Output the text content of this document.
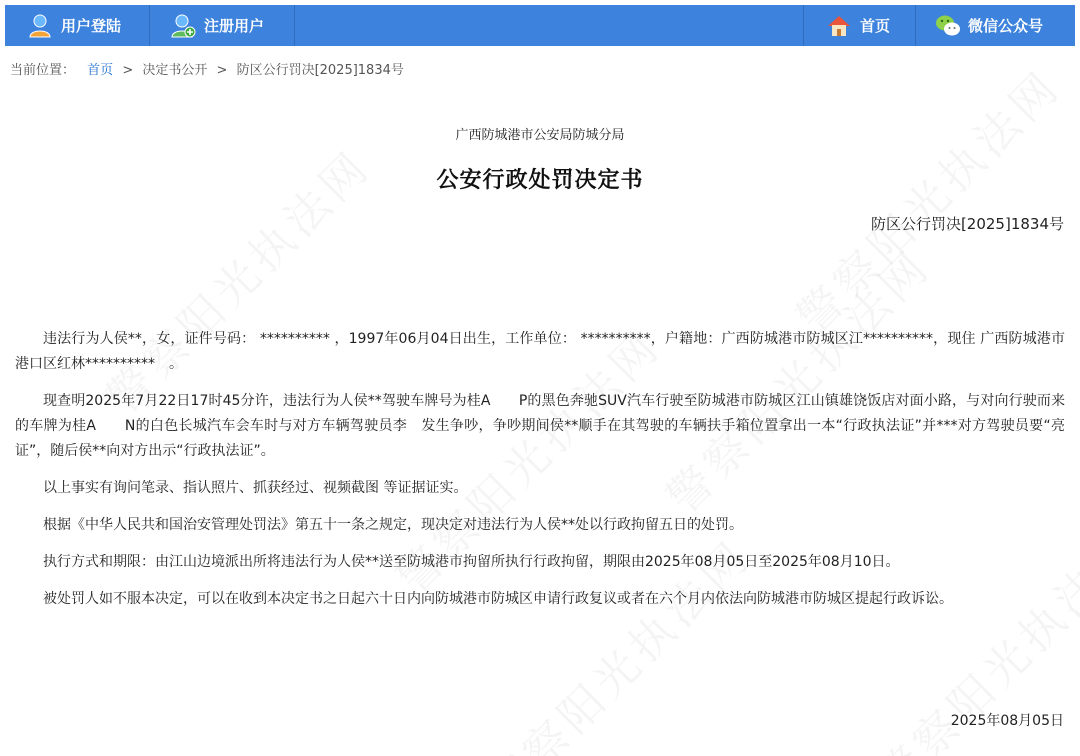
用户登陆	注册用户	首页	微信公众号
当前位置： 首页 > 决定书公开 > 防区公行罚决[2025]1834号
广西防城港市公安局防城分局
公安行政处罚决定书
防区公行罚决[2025]1834号

违法行为人侯**，女，证件号码： ********** ，1997年06月04日出生，工作单位： **********，户籍地：广西防城港市防城区江**********，现住 广西防城港市港口区红林**********　。

现查明2025年7月22日17时45分许，违法行为人侯**驾驶车牌号为桂A　　P的黑色奔驰SUV汽车行驶至防城港市防城区江山镇雄饶饭店对面小路，与对向行驶而来的车牌为桂A　　N的白色长城汽车会车时与对方车辆驾驶员李　发生争吵，争吵期间侯**顺手在其驾驶的车辆扶手箱位置拿出一本“行政执法证”并***对方驾驶员要“亮证”，随后侯**向对方出示“行政执法证”。

以上事实有询问笔录、指认照片、抓获经过、视频截图 等证据证实。

根据《中华人民共和国治安管理处罚法》第五十一条之规定，现决定对违法行为人侯**处以行政拘留五日的处罚。

执行方式和期限：由江山边境派出所将违法行为人侯**送至防城港市拘留所执行行政拘留，期限由2025年08月05日至2025年08月10日。

被处罚人如不服本决定，可以在收到本决定书之日起六十日内向防城港市防城区申请行政复议或者在六个月内依法向防城港市防城区提起行政诉讼。

2025年08月05日
